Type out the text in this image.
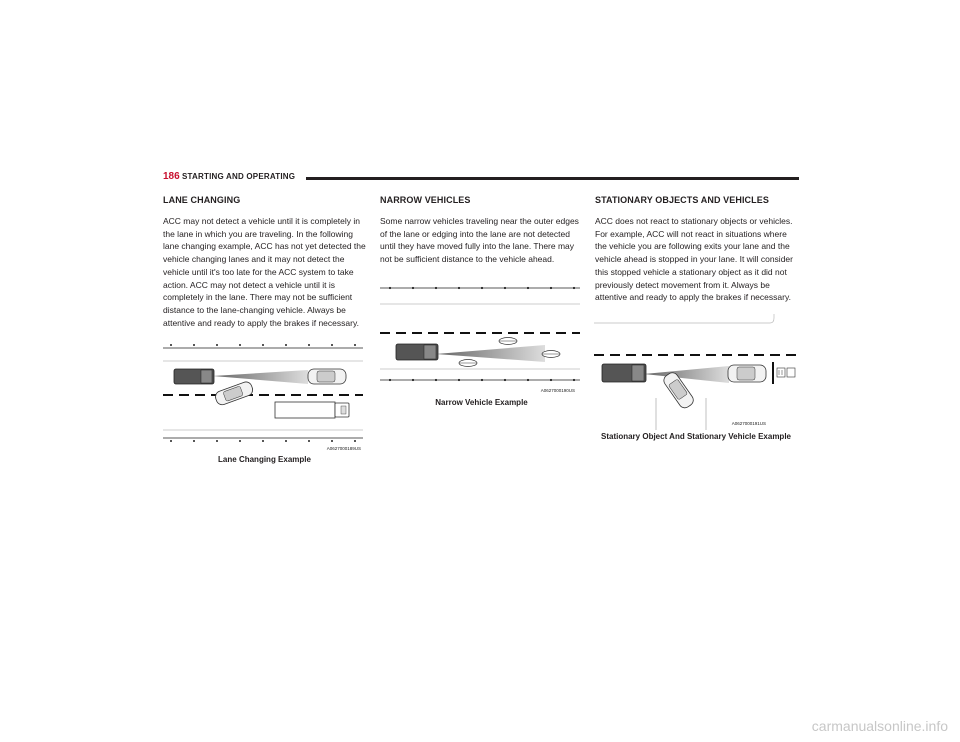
186 STARTING AND OPERATING
LANE CHANGING

ACC may not detect a vehicle until it is completely in the lane in which you are traveling. In the following lane changing example, ACC has not yet detected the vehicle changing lanes and it may not detect the vehicle until it's too late for the ACC system to take action. ACC may not detect a vehicle until it is completely in the lane. There may not be sufficient distance to the lane-changing vehicle. Always be attentive and ready to apply the brakes if necessary.

NARROW VEHICLES

Some narrow vehicles traveling near the outer edges of the lane or edging into the lane are not detected until they have moved fully into the lane. There may not be sufficient distance to the vehicle ahead.

STATIONARY OBJECTS AND VEHICLES

ACC does not react to stationary objects or vehicles. For example, ACC will not react in situations where the vehicle you are following exits your lane and the vehicle ahead is stopped in your lane. It will consider this stopped vehicle a stationary object as it did not previously detect movement from it. Always be attentive and ready to apply the brakes if necessary.

A0627000189US
Lane Changing Example
A0627000190US
Narrow Vehicle Example
A0627000191US
Stationary Object And Stationary Vehicle Example
carmanualsonline.info
